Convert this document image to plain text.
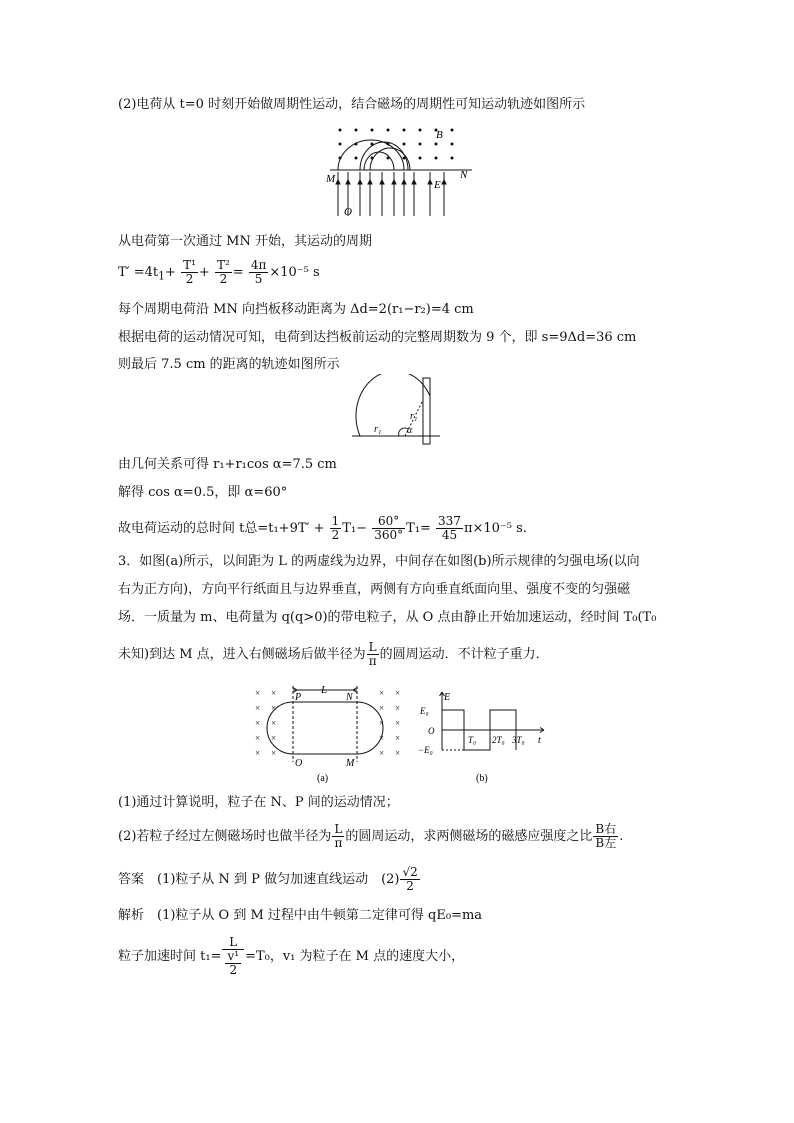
(2)电荷从 t=0 时刻开始做周期性运动，结合磁场的周期性可知运动轨迹如图所示
B
M	N
E
O
从电荷第一次通过 MN 开始，其运动的周期
$T' =4t_1+ \frac{\text{T¹}}{2} + \frac{\text{T²}}{2} = \frac{4\pi}{5} \times 10^{-5}$ s
每个周期电荷沿 MN 向挡板移动距离为 Δd=2(r₁−r₂)=4 cm
根据电荷的运动情况可知，电荷到达挡板前运动的完整周期数为 9 个，即 s=9Δd=36 cm
则最后 7.5 cm 的距离的轨迹如图所示
r₁
r₁	α
由几何关系可得 r₁+r₁cos α=7.5 cm
解得 cos α=0.5，即 α=60°
故电荷运动的总时间 t总$=t_1+9T' + \frac{1}{2} T_1- \frac{60^\circ}{360^\circ} T_1= \frac{337}{45} \pi\times 10^{-5}$ s.
3．如图(a)所示，以间距为 L 的两虚线为边界，中间存在如图(b)所示规律的匀强电场(以向
右为正方向)，方向平行纸面且与边界垂直，两侧有方向垂直纸面向里、强度不变的匀强磁
场．一质量为 m、电荷量为 q(q>0)的带电粒子，从 O 点由静止开始加速运动，经时间 T₀(T₀
未知)到达 M 点，进入右侧磁场后做半径为 $\frac{L}{\pi}$ 的圆周运动．不计粒子重力．
×
×
×
×
×
×
×
×
×
×
×
×
×
×
×
×
×
×
×
×
L
P	N
O	M
(a)
E
E₀
O
−E₀
T₀ 2T₀ 3T₀ t
(b)
(1)通过计算说明，粒子在 N、P 间的运动情况；
(2)若粒子经过左侧磁场时也做半径为 $\frac{L}{\pi}$ 的圆周运动，求两侧磁场的磁感应强度之比 $\frac{\text{B右}}{\text{B左}}$ .
答案　(1)粒子从 N 到 P 做匀加速直线运动　$(2) \frac{√2}{2}$
解析　(1)粒子从 O 到 M 过程中由牛顿第二定律可得 qE₀=ma
粒子加速时间 $t_1= \frac{L}{\frac{\text{v¹}}{2}} =T_0$，v₁ 为粒子在 M 点的速度大小，
